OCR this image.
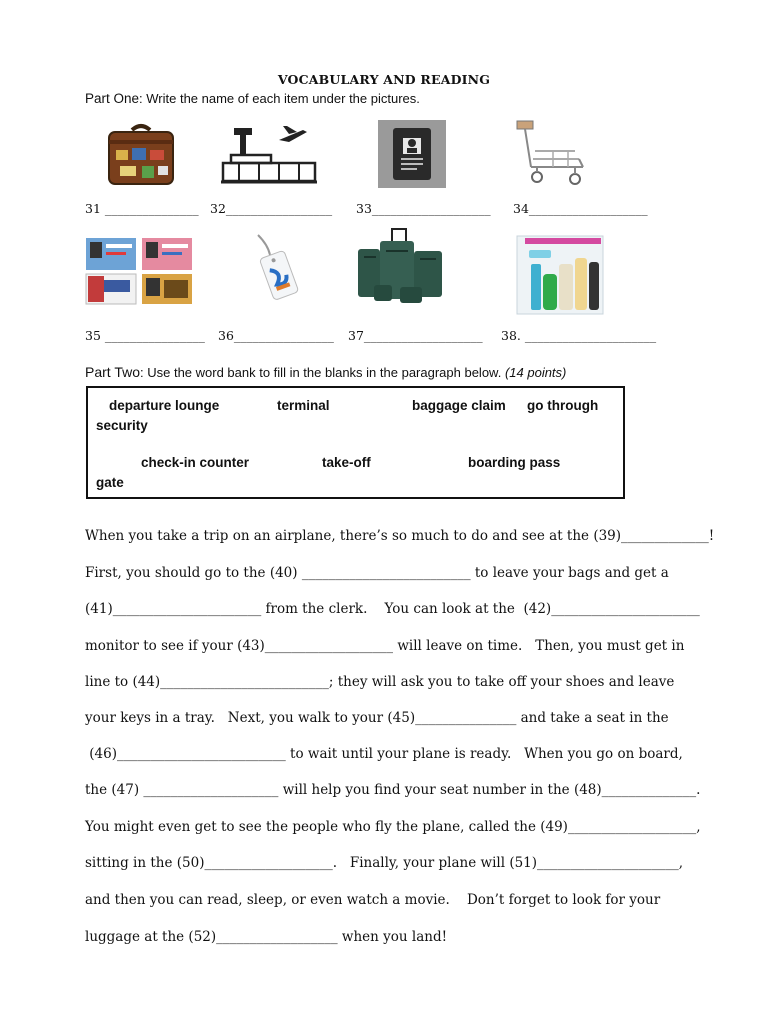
VOCABULARY AND READING
Part One: Write the name of each item under the pictures.
31 _______________ 32_________________ 33___________________ 34___________________
35 ________________ 36________________ 37___________________ 38. _____________________
Part Two: Use the word bank to fill in the blanks in the paragraph below. (14 points)
departure lounge	terminal	baggage claim go through
security
check-in counter	take-off	boarding pass
gate
When you take a trip on an airplane, there’s so much to do and see at the (39)_____________!
First, you should go to the (40) _________________________ to leave your bags and get a
(41)______________________ from the clerk.    You can look at the  (42)______________________
monitor to see if your (43)___________________ will leave on time.   Then, you must get in
line to (44)_________________________; they will ask you to take off your shoes and leave
your keys in a tray.   Next, you walk to your (45)_______________ and take a seat in the
(46)_________________________ to wait until your plane is ready.   When you go on board,
the (47) ____________________ will help you find your seat number in the (48)______________.
You might even get to see the people who fly the plane, called the (49)___________________,
sitting in the (50)___________________.   Finally, your plane will (51)_____________________,
and then you can read, sleep, or even watch a movie.    Don’t forget to look for your
luggage at the (52)__________________ when you land!
